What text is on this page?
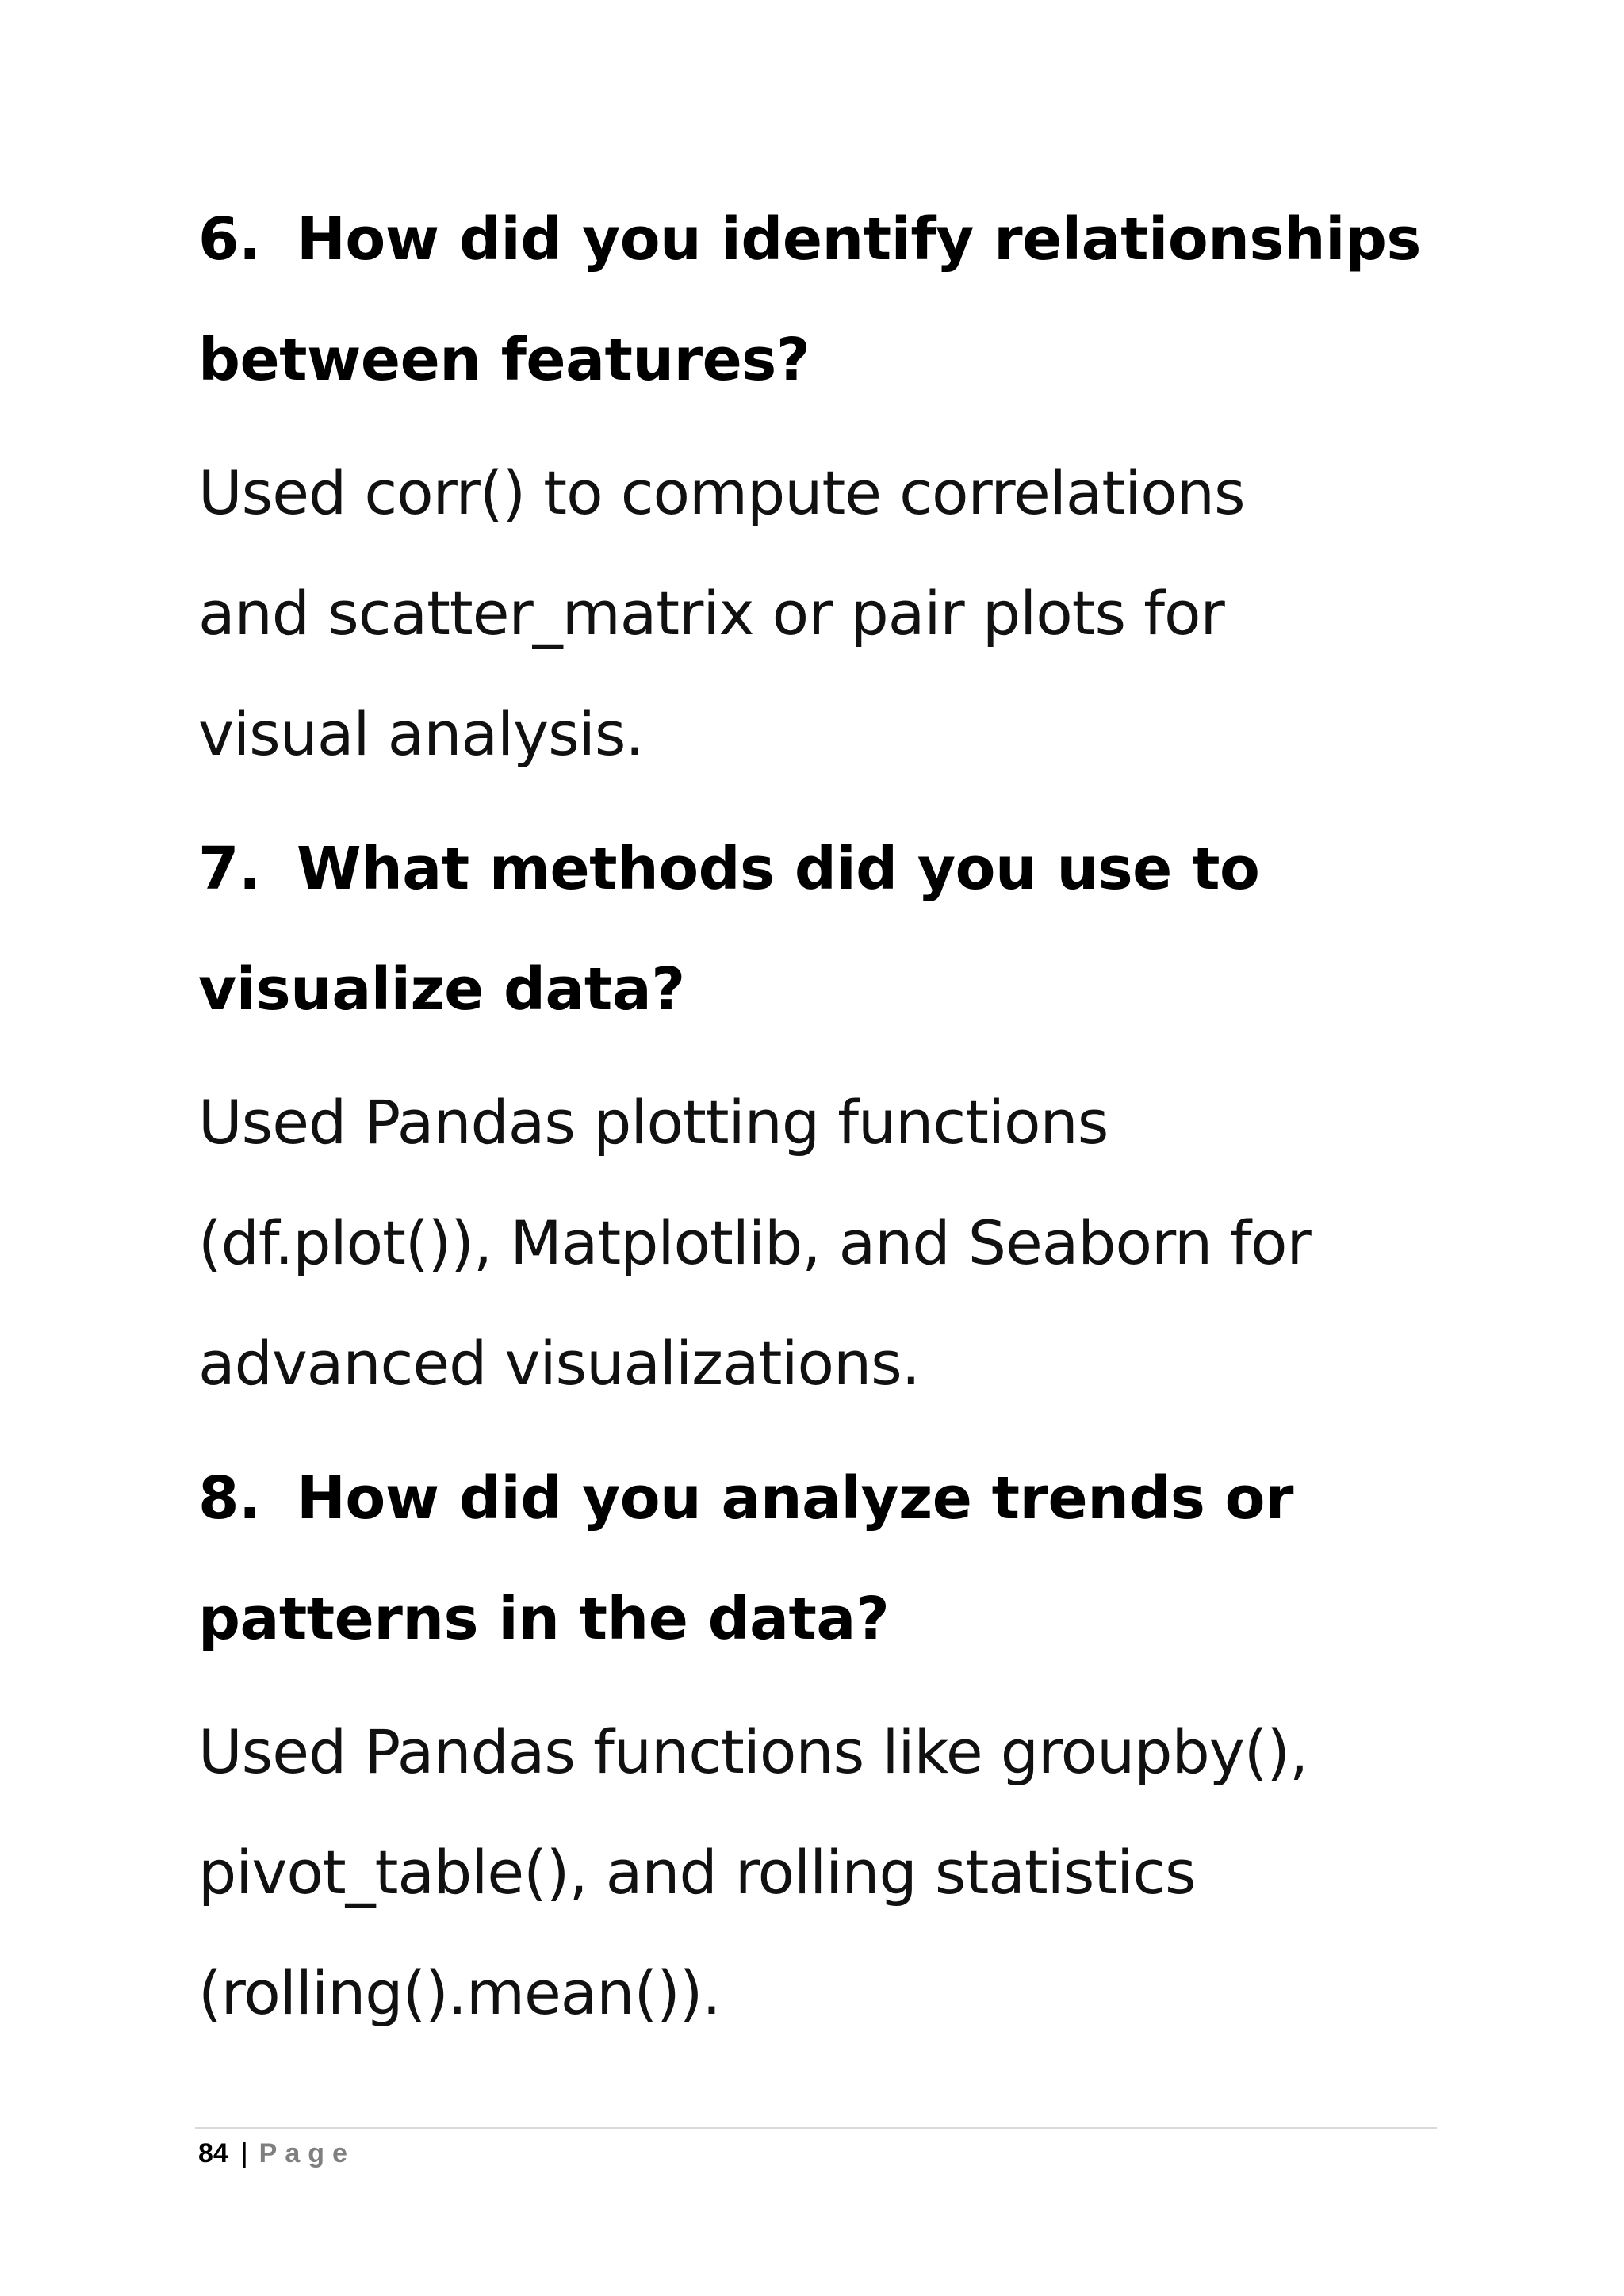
6. How did you identify relationships
between features?

Used corr() to compute correlations
and scatter_matrix or pair plots for
visual analysis.

7. What methods did you use to
visualize data?

Used Pandas plotting functions
(df.plot()), Matplotlib, and Seaborn for
advanced visualizations.

8. How did you analyze trends or
patterns in the data?

Used Pandas functions like groupby(),
pivot_table(), and rolling statistics
(rolling().mean()).

84 | Page
